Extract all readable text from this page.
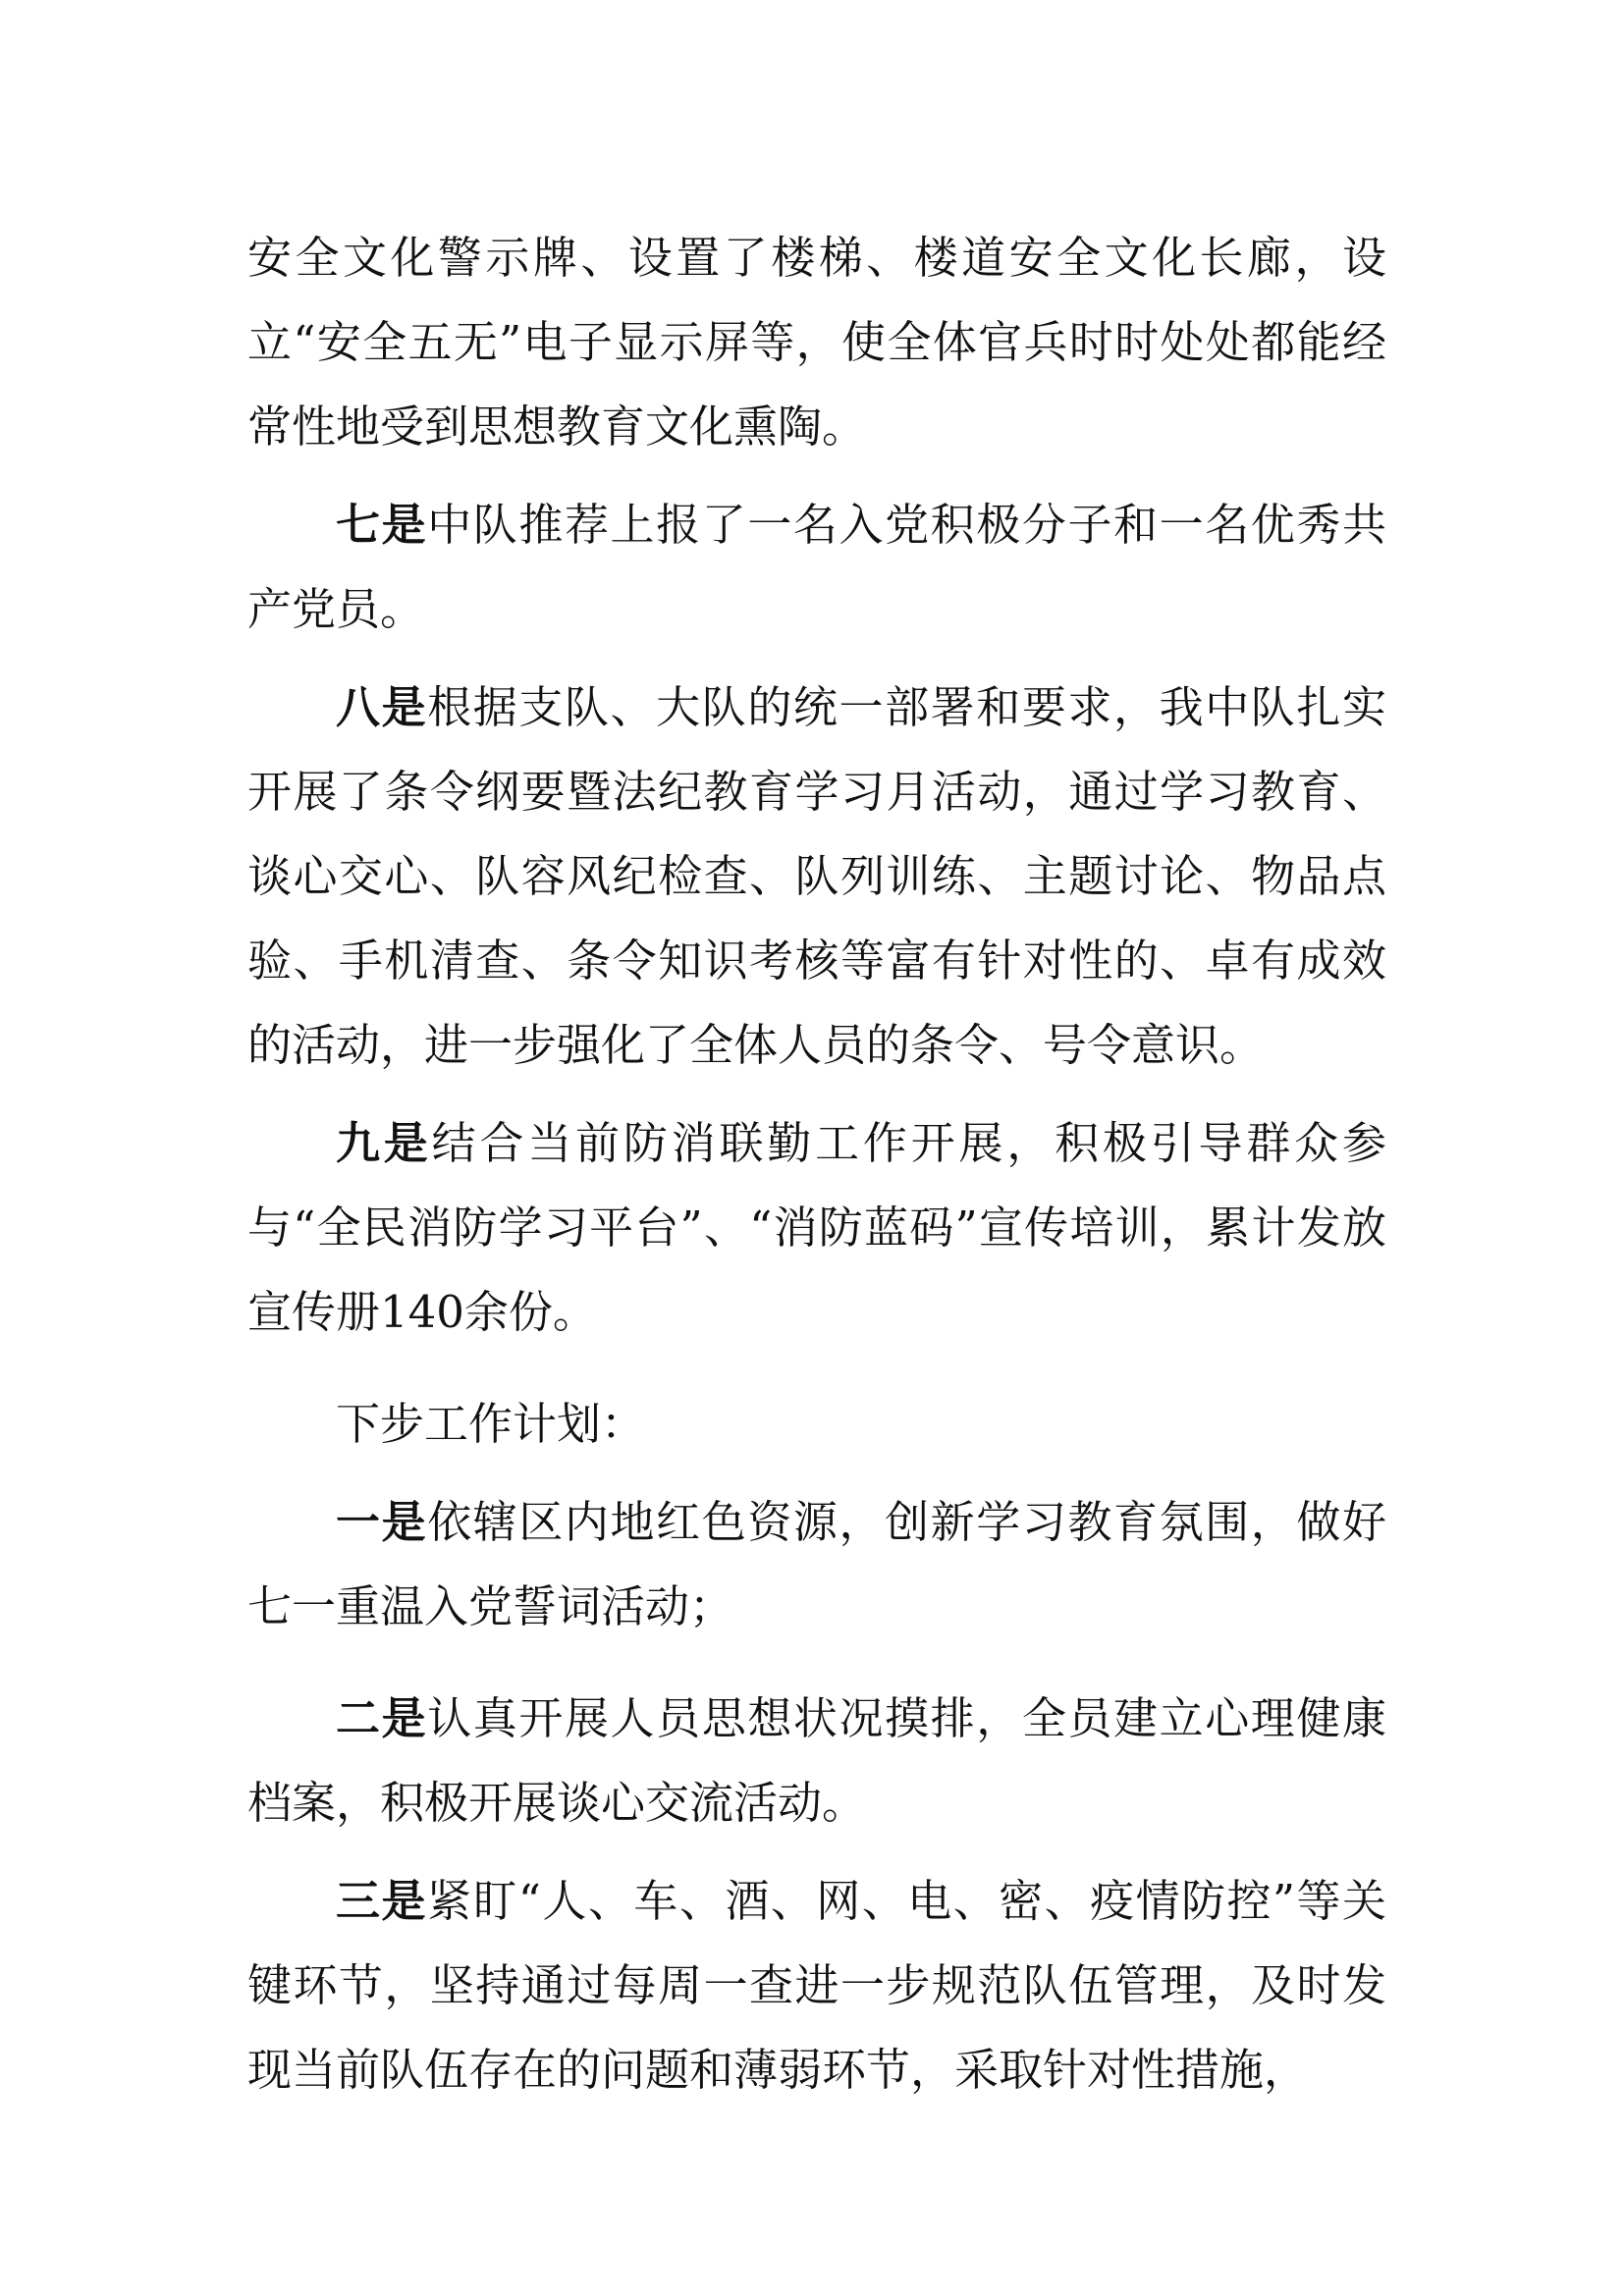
安全文化警示牌、设置了楼梯、楼道安全文化长廊，设立“安全五无”电子显示屏等，使全体官兵时时处处都能经常性地受到思想教育文化熏陶。

七是中队推荐上报了一名入党积极分子和一名优秀共产党员。

八是根据支队、大队的统一部署和要求，我中队扎实开展了条令纲要暨法纪教育学习月活动，通过学习教育、谈心交心、队容风纪检查、队列训练、主题讨论、物品点验、手机清查、条令知识考核等富有针对性的、卓有成效的活动，进一步强化了全体人员的条令、号令意识。

九是结合当前防消联勤工作开展，积极引导群众参与“全民消防学习平台”、“消防蓝码”宣传培训，累计发放宣传册140余份。

下步工作计划：

一是依辖区内地红色资源，创新学习教育氛围，做好七一重温入党誓词活动；

二是认真开展人员思想状况摸排，全员建立心理健康档案，积极开展谈心交流活动。

三是紧盯“人、车、酒、网、电、密、疫情防控”等关键环节，坚持通过每周一查进一步规范队伍管理，及时发现当前队伍存在的问题和薄弱环节，采取针对性措施，
